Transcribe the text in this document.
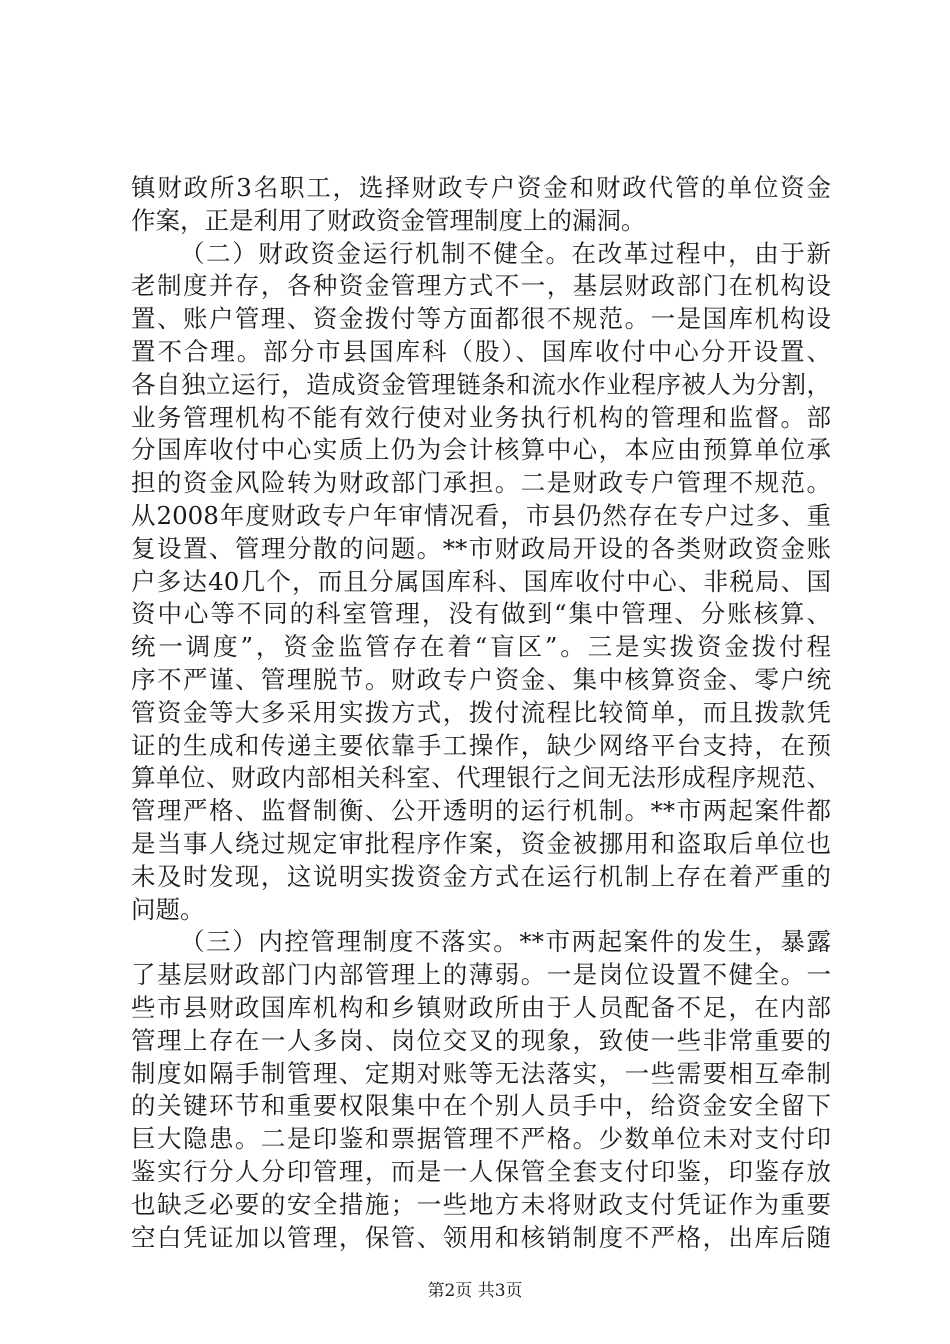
镇财政所3名职工，选择财政专户资金和财政代管的单位资金
作案，正是利用了财政资金管理制度上的漏洞。
（二）财政资金运行机制不健全。在改革过程中，由于新
老制度并存，各种资金管理方式不一，基层财政部门在机构设
置、账户管理、资金拨付等方面都很不规范。一是国库机构设
置不合理。部分市县国库科（股）、国库收付中心分开设置、
各自独立运行，造成资金管理链条和流水作业程序被人为分割，
业务管理机构不能有效行使对业务执行机构的管理和监督。部
分国库收付中心实质上仍为会计核算中心，本应由预算单位承
担的资金风险转为财政部门承担。二是财政专户管理不规范。
从2008年度财政专户年审情况看，市县仍然存在专户过多、重
复设置、管理分散的问题。**市财政局开设的各类财政资金账
户多达40几个，而且分属国库科、国库收付中心、非税局、国
资中心等不同的科室管理，没有做到“集中管理、分账核算、
统一调度”，资金监管存在着“盲区”。三是实拨资金拨付程
序不严谨、管理脱节。财政专户资金、集中核算资金、零户统
管资金等大多采用实拨方式，拨付流程比较简单，而且拨款凭
证的生成和传递主要依靠手工操作，缺少网络平台支持，在预
算单位、财政内部相关科室、代理银行之间无法形成程序规范、
管理严格、监督制衡、公开透明的运行机制。**市两起案件都
是当事人绕过规定审批程序作案，资金被挪用和盗取后单位也
未及时发现，这说明实拨资金方式在运行机制上存在着严重的
问题。
（三）内控管理制度不落实。**市两起案件的发生，暴露
了基层财政部门内部管理上的薄弱。一是岗位设置不健全。一
些市县财政国库机构和乡镇财政所由于人员配备不足，在内部
管理上存在一人多岗、岗位交叉的现象，致使一些非常重要的
制度如隔手制管理、定期对账等无法落实，一些需要相互牵制
的关键环节和重要权限集中在个别人员手中，给资金安全留下
巨大隐患。二是印鉴和票据管理不严格。少数单位未对支付印
鉴实行分人分印管理，而是一人保管全套支付印鉴，印鉴存放
也缺乏必要的安全措施；一些地方未将财政支付凭证作为重要
空白凭证加以管理，保管、领用和核销制度不严格，出库后随
第2页 共3页
